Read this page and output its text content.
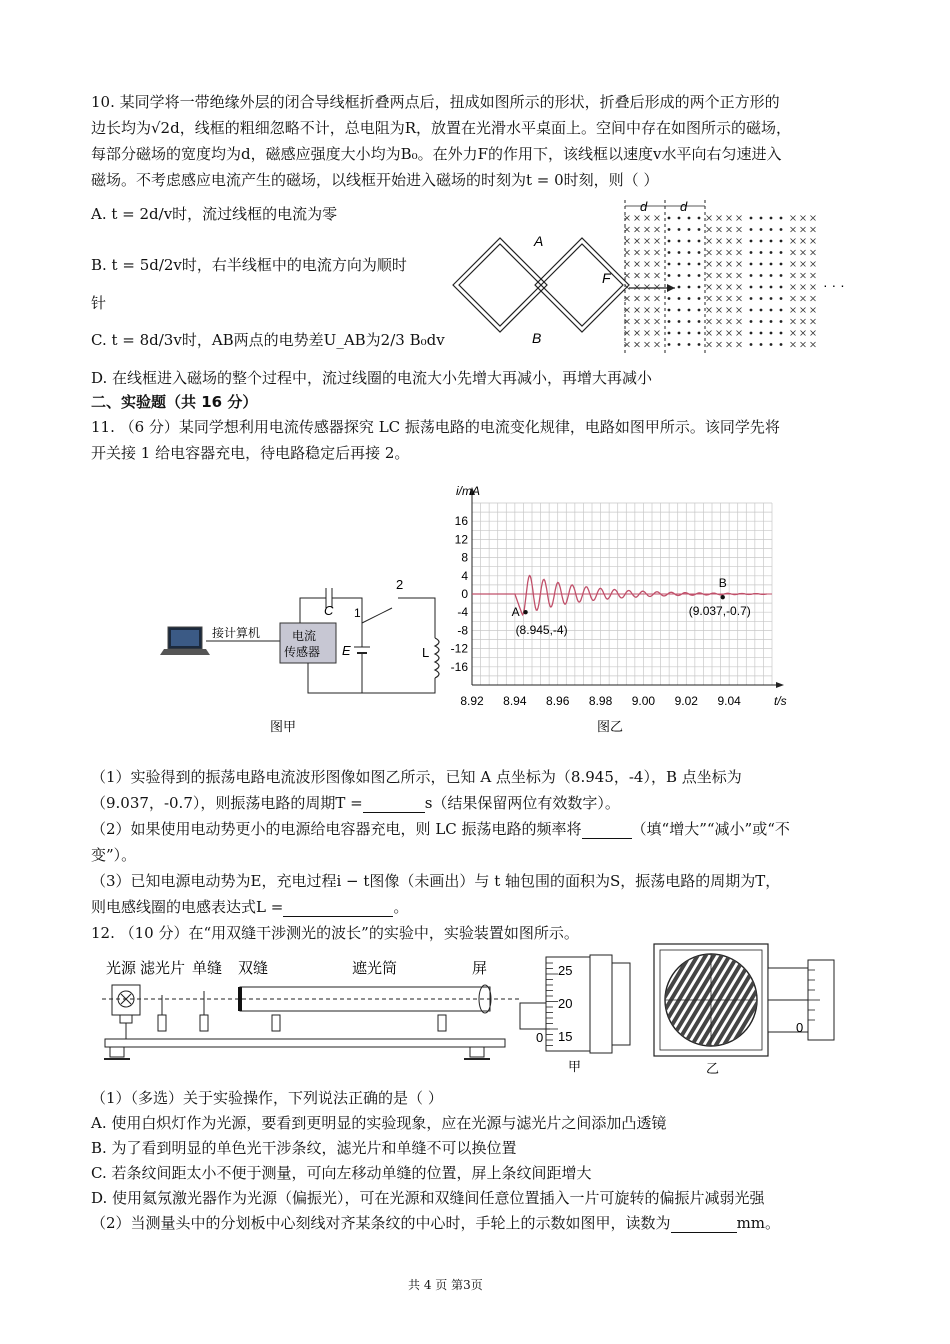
10. 某同学将一带绝缘外层的闭合导线框折叠两点后，扭成如图所示的形状，折叠后形成的两个正方形的
边长均为√2d，线框的粗细忽略不计，总电阻为R，放置在光滑水平桌面上。空间中存在如图所示的磁场，
每部分磁场的宽度均为d，磁感应强度大小均为B₀。在外力F的作用下，该线框以速度v水平向右匀速进入
磁场。不考虑感应电流产生的磁场，以线框开始进入磁场的时刻为t = 0时刻，则（ ）
A. t = 2d/v时，流过线框的电流为零
B. t = 5d/2v时，右半线框中的电流方向为顺时
针
C. t = 8d/3v时，AB两点的电势差U_AB为2/3 B₀dv
D. 在线框进入磁场的整个过程中，流过线圈的电流大小先增大再减小，再增大再减小
F
A
B
d	d
· · ·
二、实验题（共 16 分）
11. （6 分）某同学想利用电流传感器探究 LC 振荡电路的电流变化规律，电路如图甲所示。该同学先将
开关接 1 给电容器充电，待电路稳定后再接 2。
接计算机	电流
传感器
C
E	L
1
2
图甲
16
12
8
4
0
-4
-8
-12
-16
8.92 8.94 8.96 8.98 9.00 9.02 9.04
i/mA
t/s
A
(8.945,-4)
B
(9.037,-0.7)
图乙
（1）实验得到的振荡电路电流波形图像如图乙所示，已知 A 点坐标为（8.945，-4），B 点坐标为
（9.037，-0.7），则振荡电路的周期T =	s（结果保留两位有效数字）。
（2）如果使用电动势更小的电源给电容器充电，则 LC 振荡电路的频率将	（填“增大”“减小”或“不
变”）。
（3）已知电源电动势为E，充电过程i − t图像（未画出）与 t 轴包围的面积为S，振荡电路的周期为T，
则电感线圈的电感表达式L =	。
12. （10 分）在“用双缝干涉测光的波长”的实验中，实验装置如图所示。
光源 滤光片 单缝 双缝	遮光筒	屏	25
20
15
0
甲
0
乙
（1）（多选）关于实验操作，下列说法正确的是（ ）
A. 使用白炽灯作为光源，要看到更明显的实验现象，应在光源与滤光片之间添加凸透镜
B. 为了看到明显的单色光干涉条纹，滤光片和单缝不可以换位置
C. 若条纹间距太小不便于测量，可向左移动单缝的位置，屏上条纹间距增大
D. 使用氦氖激光器作为光源（偏振光），可在光源和双缝间任意位置插入一片可旋转的偏振片减弱光强
（2）当测量头中的分划板中心刻线对齐某条纹的中心时，手轮上的示数如图甲，读数为	mm。
共 4 页 第3页
